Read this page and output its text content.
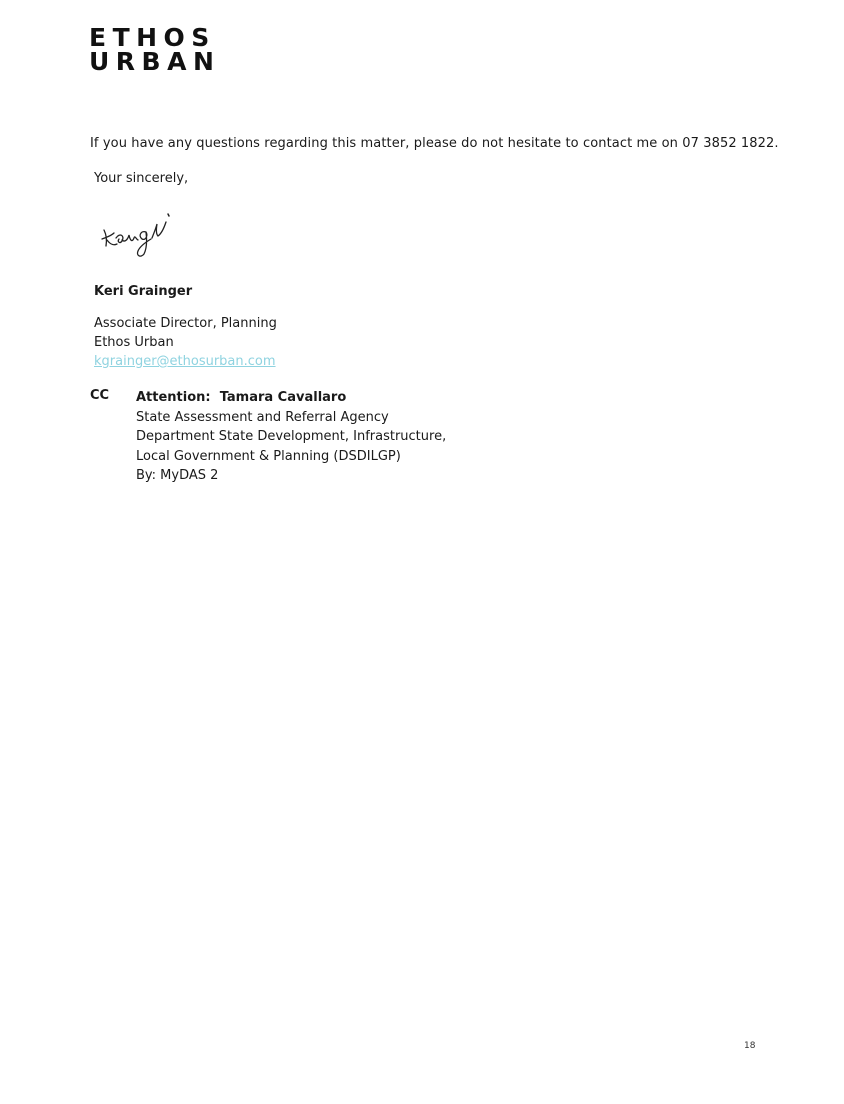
ETHOS
URBAN
If you have any questions regarding this matter, please do not hesitate to contact me on 07 3852 1822.
Your sincerely,
Keri Grainger
Associate Director, Planning
Ethos Urban
kgrainger@ethosurban.com
CC Attention: Tamara Cavallaro
State Assessment and Referral Agency
Department State Development, Infrastructure,
Local Government & Planning (DSDILGP)
By: MyDAS 2
18
